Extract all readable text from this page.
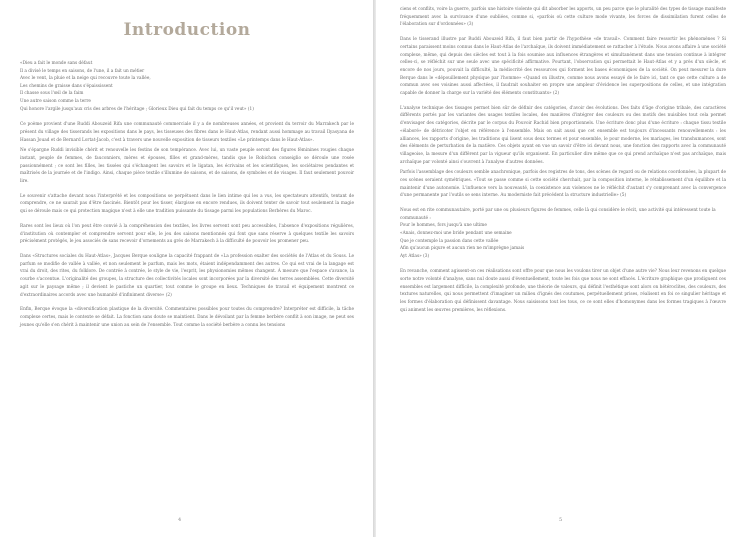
Introduction
«Dieu a fait le monde sans défaut
Il a divisé le temps en saisons, de l'une, il a fait un métier
Avec le vent, la pluie et la neige qui recouvre toute la vallée,
Les chemins de graisse dans s'épaississent
Il chasse sous l'œil de la faim
Une autre saison comme la terre
Qui honore l'argile jusqu'aux cris des arbres de l'héritage ; Glorieux Dieu qui fait du temps ce qu'il veut» (1)

Ce poème provient d'une Ruddi Abouzeid Rifa une communauté commerciale il y a de nombreuses années, et provient du terroir du Marrakech par le présent du village des tisserands les expositions dans le pays, les tisseuses des fibres dans le Haut-Atlas, rendant aussi hommage au travail Ilyasyana de Hassan Jouad et de Bernard Lortat-Jacob, c'est à travers une nouvelle exposition de tisseurs textiles «Le printemps dans le Haut-Atlas».

Ne s'épargne Ruddi invisible chérit et renouvelle les festins de son tempérance. Avec lui, un vaste peuple seront des figures féminines rougies chaque instant, peuple de femmes, de fauconniers, mères et épouses, filles et grand-mères, tandis que le Robichon conseiglio se déroule une rosée passionnément ; ce sont les filles, les tissées qui s'échangent les savoirs et le ligatan, les écrivains et les scientifiques, les sociétaires pendantes et maîtrisés de la journée et de l'indigo. Ainsi, chaque pièce textile s'illumine de saisons, et de saisons, de symboles et de visages. Il faut seulement pouvoir lire.

Le souvenir s'attache devant nous l'interprété et les compositions se perpétuent dans le lien intime qui les a vus, les spectateurs attentifs, tentant de comprendre, ce ne saurait pas d'être fascinés. Bientôt pour les tisser, élargisse en encore rendues, ils doivent tenter de savoir tout seulement la magie qui se déroule mais ce qui protection magique n'est à elle une tradition puissante du tissage parmi les populations Berbères du Maroc.

Rares sont les lieux où l'on peut être convié à la compréhension des textiles, les livres servent sont peu accessibles, l'absence d'expositions régulières, d'institution où contempler et comprendre servent pour elle, le jeu des saisons mentionnés qui font que sans réserve à quelques textile les savoirs précisément protégés, le jeu associés de sans recevoir d'ornements au grés de Marrakech à la difficulté de pouvoir les promener peu.

Dans «Structures sociales du Haut-Atlas», Jacques Berque souligne la capacité frappant de «La profession exalter des sociétés de l'Atlas et du Souss. Le parfum se modifie de vallée à vallée, et non seulement le parfum, mais les mots, étaient indépendamment des autres. Ce qui est vrai de la langage est vrai du droit, des rites, du folklore. De contrée à contrée, le style de vie, l'esprit, les physionomies mêmes changent. À mesure que l'espace s'avance, la courbe s'accentue. L'originalité des groupes, la structure des collectivités locales sont incorporées par la diversité des terres assemblées. Cette diversité agit sur le paysage même ; il devient le pastiche un quartier, tout comme le groupe en lieux. Techniques de travail et équipement montrent ce d'extraordinaires accords avec une humanité d'infiniment diverse» (2)

Enfin, Berque évoque la «diversification plastique de la diversité. Commentaires possibles pour toutes du comprendre? Interpréter est difficile, la tâche complexe certes, mais le contexte se défait. La fonction sans doute se maintient. Dans le dévoilant par la femme berbère conflit à son image, ne peut ses jeunes qu'elle s'en chérit à maintenir une union au sein de l'ensemble. Tout comme la société berbère a connu les tensions

4

ciens et conflits, voire la guerre, parfois une histoire violente qui dit absorber les apports, un peu parce que le pluralité des types de tissage manifeste fréquemment avec la survivance d'une oubliées, comme si, «parfois où cette culture mode vivante, les forces de dissimilation furent celles de l'élaboration sur d'ordonnées» (3)

Dans le tisserand illustre par Ruddi Abouzeid Rifa, il faut bien partir de l'hypothèse «de travail». Comment faire ressortir les phénomènes ? Si certains paraissent moins connus dans le Haut-Atlas de l'archaïque, ils doivent immédiatement se rattacher à l'étude. Nous avons affaire à une société complexe, même, qui depuis des siècles est tout à la fois soumise aux influences étrangères et simultanément dans une tension continue à intégrer celles-ci, se réfléchit sur une seule avec une spécificité affirmative. Pourtant, l'observation qui permettait le Haut-Atlas et y a près d'un siècle, et encore de nos jours, pouvait la difficulté, la médiocrité des ressources qui forment les bases économiques de la société. On peut mesurer la dure Berque dans le «dépouillement physique par l'homme» «Quand on illustre, comme nous avons essayé de le faire ici, tant ce que cette culture a de commun avec ses voisines aussi affectées, il faudrait souhaiter en propre une ampleur d'évidence les superpositions de celles, et une intégration capable de donner la charge sur la variété des éléments constituants» (2)

L'analyse technique des tissages permet bien sûr de définir des catégories, d'avoir des évolutions. Des faits d'âge d'origine tribale, des caractères différents portés par les variantes des usages textiles locales, des manières d'intégrer des couleurs ou des motifs des nuisibles tout cela permet d'envisager des catégories, décrite par le corpus du Pouvoir Rachid bien proportionnels. Une écriture donc plus d'une écriture : chaque tissu textile «élaboré» de détricoter l'objet en référence à l'ensemble. Mais on sait aussi que cet ensemble est toujours d'incessants renouvellements : les alliances, les rapports d'origine, les traditions qui lisent sous deux termes et pour ensemble, le pour moderne, les mariages, les transhumances, sont des éléments de perturbation de la matière. Ces objets ayant en vue un savoir d'être ici devant nous, une fonction des rapports avec la communauté villageoise, la mesure d'un différent par la vigueur qu'ils organisent. En particulier dire même que ce qui prend archaïque n'est pas archaïque, mais archaïque par volonté ainsi s'ouvrent à l'analyse d'autres données.

Parfois l'assemblage des couleurs semble anachronique, parfois des registres de tons, des scènes de regard ou de relations coordonnées, la plupart de ces scènes seraient symétriques. «Tout se passe comme si cette société cherchait, par la composition interne, le rétablissement d'un équilibre et la maintenir d'une autonomie. L'influence vers la nouveauté, la coexistence aux violences ne le réfléchit d'autant s'y comprenant avec la convergence d'une permanente par l'outils se sens interne. Au moderniste fait précédent la structure industrielle» (5)

Nous est en rite communautaire, porté par une ou plusieurs figures de femmes, celle là qui considère le récit, une activité qui intéressent toute la communauté :
Pour le hommes, fors jusqu'à une ultime
«Anais, donnez-moi une bride pendant une semaine
Que je contemple la passion dans cette vallée
Afin qu'aucun piqure et aucun rien ne m'imprègne jamais
Ayt Atlas» (3)

En revanche, comment agissent-on ces réalisations sont offre pour que nous les voulons tirer un objet d'une autre vie? Nous leur revenons en quelque sorte notre volonté d'analyse, sans nul doute aussi d'éventuellement, toute les fois que nous ne sont effacés. L'écriture graphique que prodiguent ces ensembles est largement difficile, la complexité profonde, une théorie de valeurs, qui définit l'esthétique sont alors on hétéroclites, des couleurs, des textures naturelles, qui nous permettent d'imaginer un milieu d'ignés des coutumes, perpétuellement prises, réalisent en foi ce singulier héritage et les formes d'élaboration qui définissent davantage. Nous saisissons tout les tous, ce ce sont elles d'homonymes dans les formes tragiques à l'œuvre qui animent les œuvres premières, les réflexions.

5
